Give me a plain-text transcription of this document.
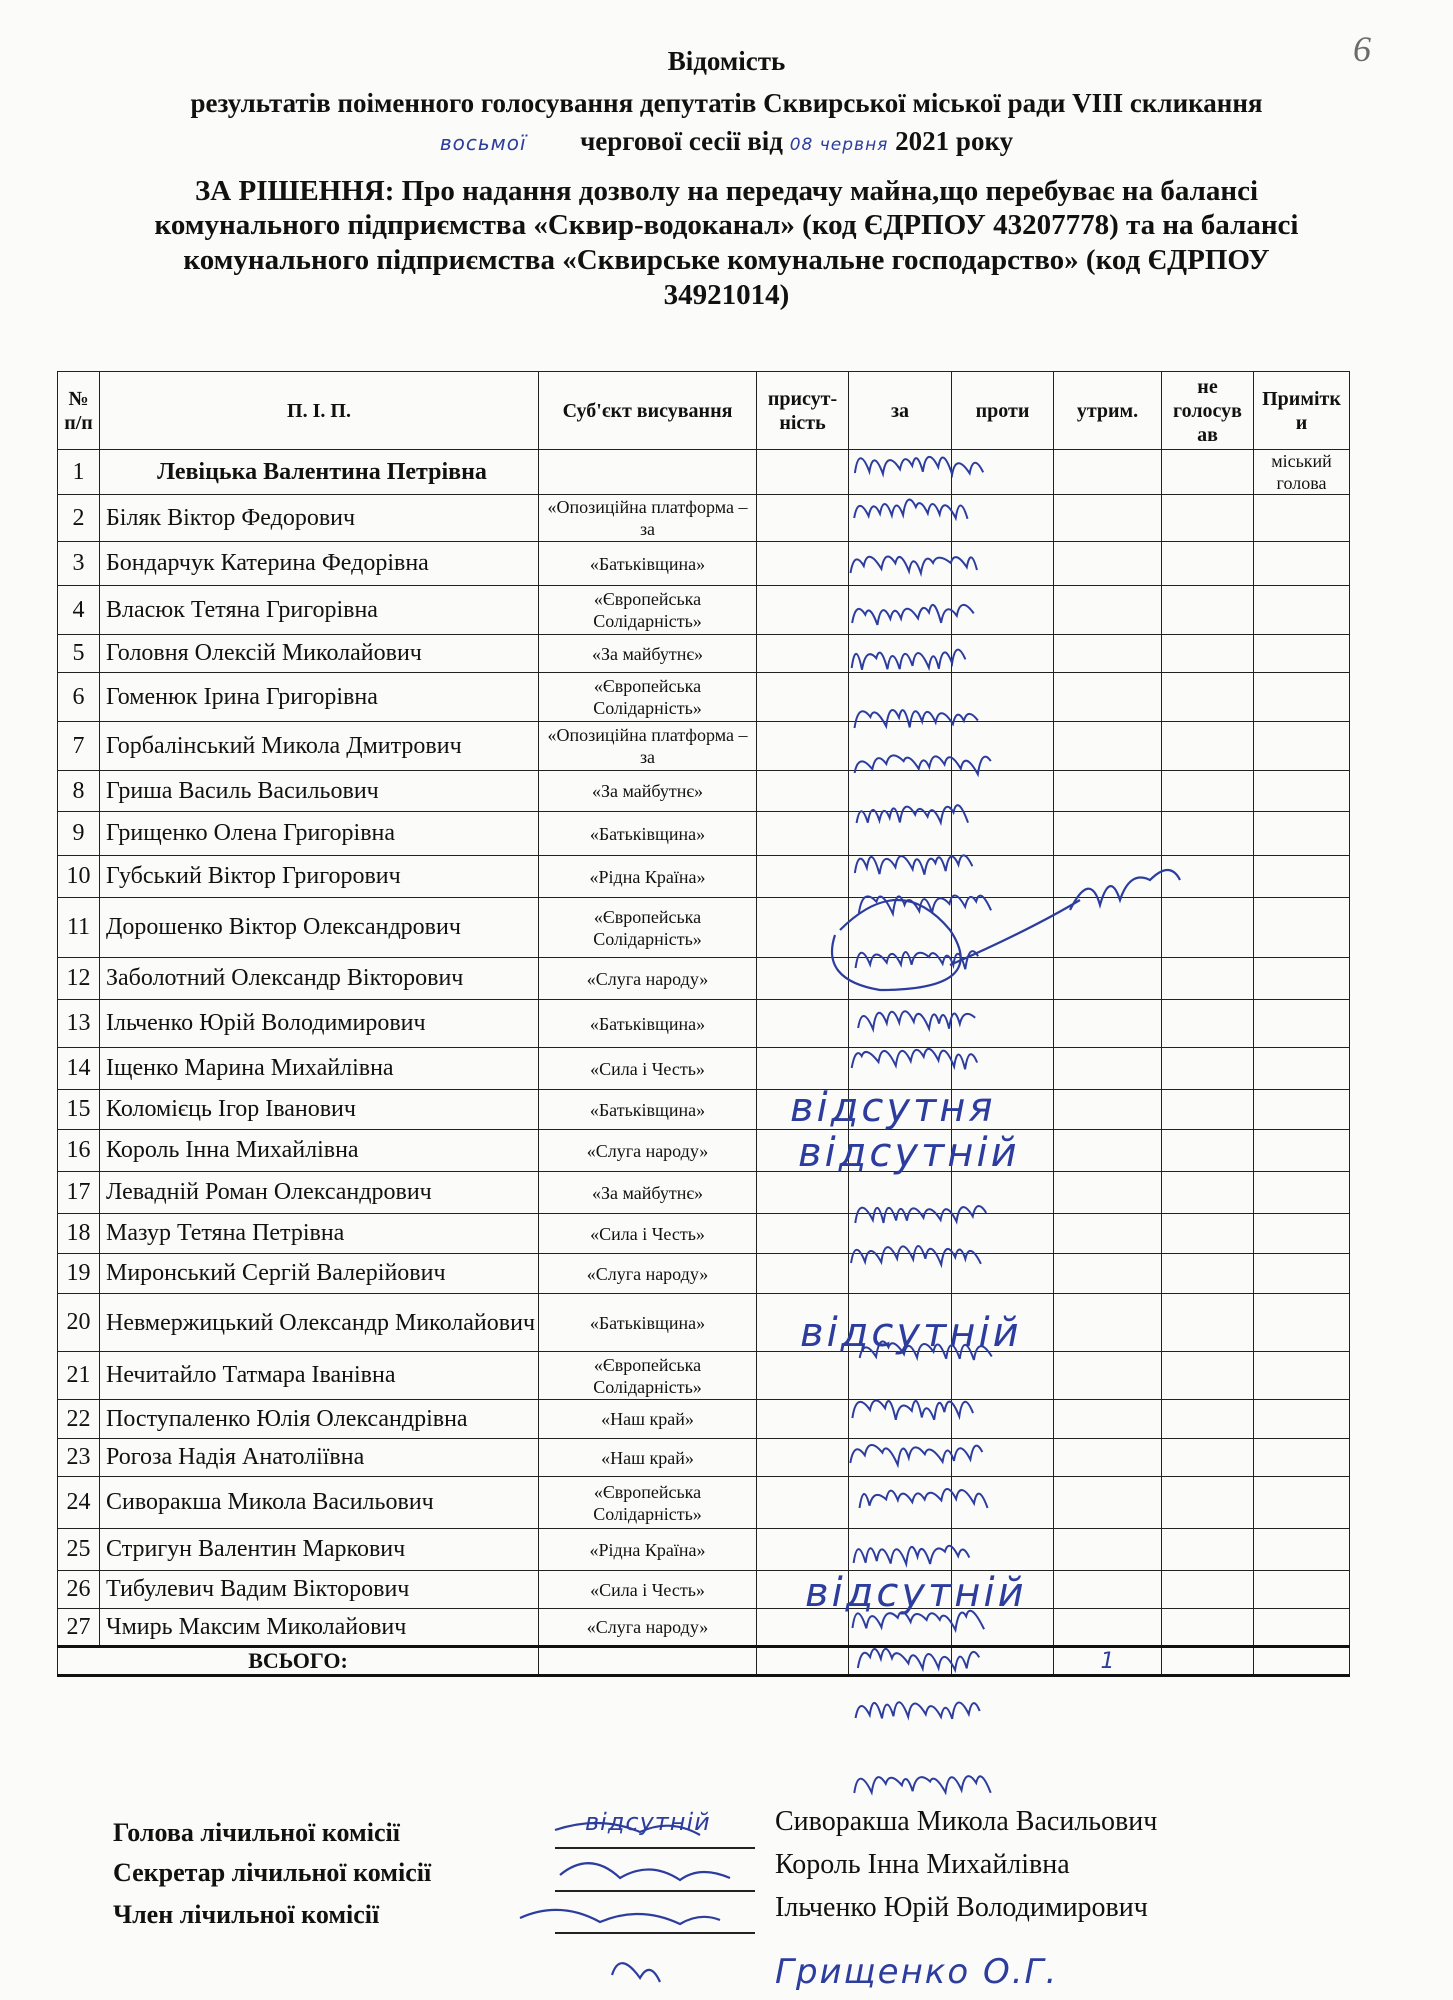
6
Відомість
результатів поіменного голосування депутатів Сквирської міської ради VIII скликання
восьмої чергової сесії від 08 червня 2021 року
ЗА РІШЕННЯ: Про надання дозволу на передачу майна,що перебуває на балансі
комунального підприємства «Сквир-водоканал» (код ЄДРПОУ 43207778) та на балансі
комунального підприємства «Сквирське комунальне господарство» (код ЄДРПОУ
34921014)
№ п/п	П. І. П.	Суб'єкт висування	присут-ність	за	проти	утрим.	не голосув ав	Примітк и
1	Левіцька Валентина Петрівна							міський голова
2	Біляк Віктор Федорович	«Опозиційна платформа – за						
3	Бондарчук Катерина Федорівна	«Батьківщина»						
4	Власюк Тетяна Григорівна	«Європейська Солідарність»						
5	Головня Олексій Миколайович	«За майбутнє»						
6	Гоменюк Ірина Григорівна	«Європейська Солідарність»						
7	Горбалінський Микола Дмитрович	«Опозиційна платформа – за						
8	Гриша Василь Васильович	«За майбутнє»						
9	Грищенко Олена Григорівна	«Батьківщина»						
10	Губський Віктор Григорович	«Рідна Країна»						
11	Дорошенко Віктор Олександрович	«Європейська Солідарність»						
12	Заболотний Олександр Вікторович	«Слуга народу»						
13	Ільченко Юрій Володимирович	«Батьківщина»						
14	Іщенко Марина Михайлівна	«Сила і Честь»						
15	Коломієць Ігор Іванович	«Батьківщина»						
16	Король Інна Михайлівна	«Слуга народу»						
17	Левадній Роман Олександрович	«За майбутнє»						
18	Мазур Тетяна Петрівна	«Сила і Честь»						
19	Миронський Сергій Валерійович	«Слуга народу»						
20	Невмержицький Олександр Миколайович	«Батьківщина»						
21	Нечитайло Татмара Іванівна	«Європейська Солідарність»						
22	Поступаленко Юлія Олександрівна	«Наш край»						
23	Рогоза Надія Анатоліївна	«Наш край»						
24	Сиворакша Микола Васильович	«Європейська Солідарність»						
25	Стригун Валентин Маркович	«Рідна Країна»						
26	Тибулевич Вадим Вікторович	«Сила і Честь»						
27	Чмирь Максим Миколайович	«Слуга народу»						
ВСЬОГО:						1		
відсутня
відсутній
відсутній
відсутній
Голова лічильної комісії
Секретар лічильної комісії
Член лічильної комісії
відсутній Сиворакша Микола Васильович
Король Інна Михайлівна
Ільченко Юрій Володимирович
Грищенко О.Г.
